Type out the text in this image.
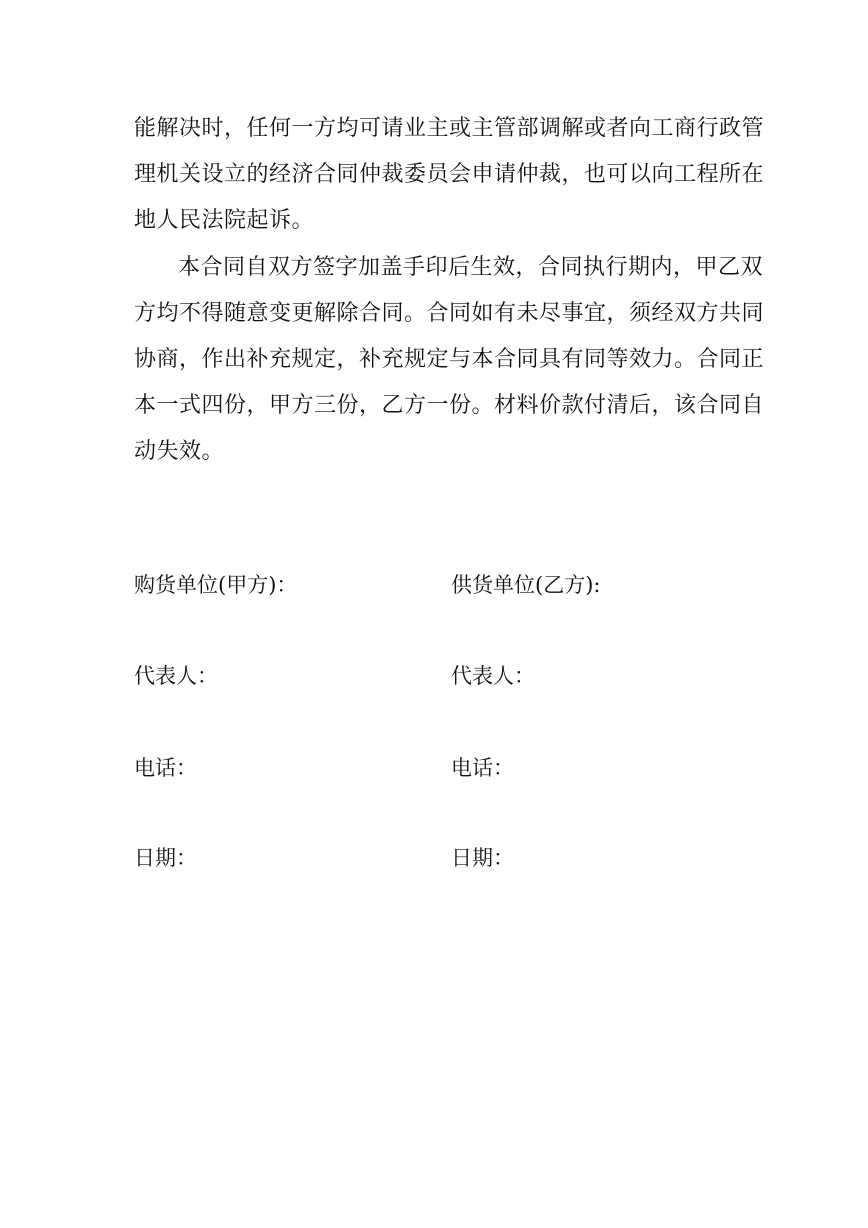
能解决时，任何一方均可请业主或主管部调解或者向工商行政管
理机关设立的经济合同仲裁委员会申请仲裁，也可以向工程所在
地人民法院起诉。
本合同自双方签字加盖手印后生效，合同执行期内，甲乙双
方均不得随意变更解除合同。合同如有未尽事宜，须经双方共同
协商，作出补充规定，补充规定与本合同具有同等效力。合同正
本一式四份，甲方三份，乙方一份。材料价款付清后，该合同自
动失效。
购货单位(甲方)：	供货单位(乙方):
代表人：	代表人：
电话：	电话：
日期：	日期：
